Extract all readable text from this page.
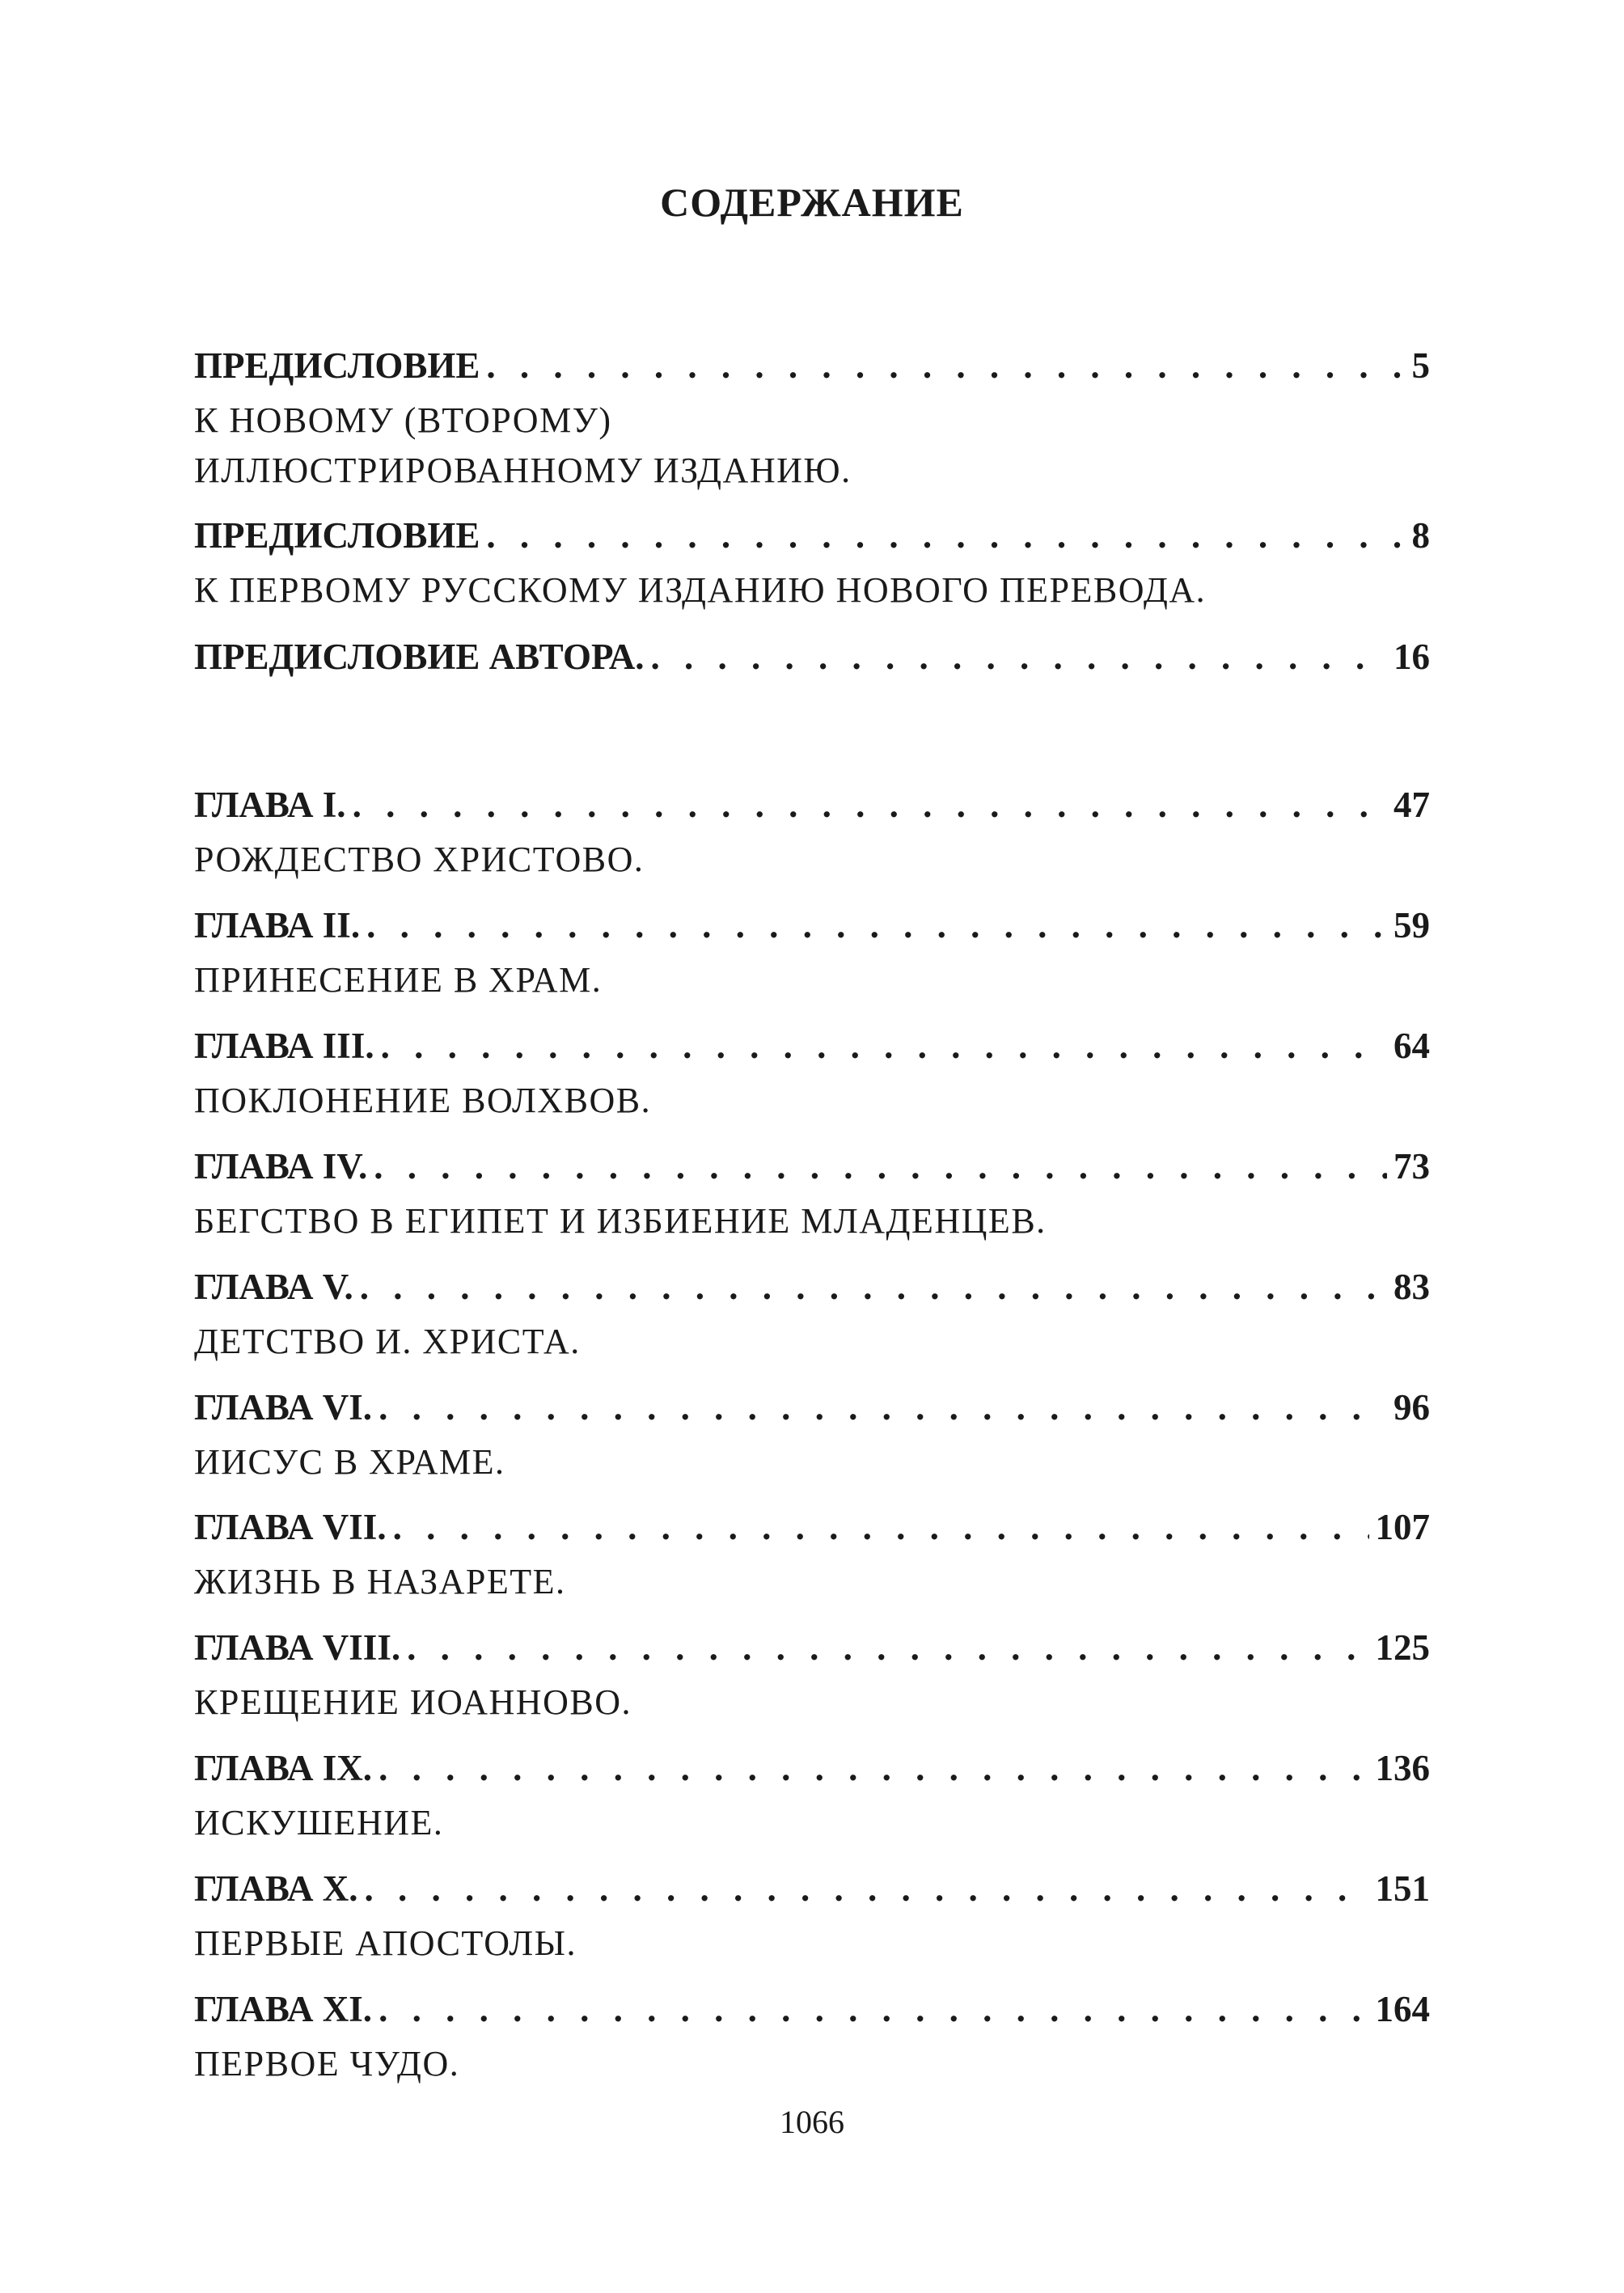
СОДЕРЖАНИЕ
ПРЕДИСЛОВИЕ . . .	5
К НОВОМУ (ВТОРОМУ)
ИЛЛЮСТРИРОВАННОМУ ИЗДАНИЮ.
ПРЕДИСЛОВИЕ . . .	8
К ПЕРВОМУ РУССКОМУ ИЗДАНИЮ НОВОГО ПЕРЕВОДА.
ПРЕДИСЛОВИЕ АВТОРА. . . .	16
ГЛАВА I. . . .	47
РОЖДЕСТВО ХРИСТОВО.
ГЛАВА II. . . .	59
ПРИНЕСЕНИЕ В ХРАМ.
ГЛАВА III. . . .	64
ПОКЛОНЕНИЕ ВОЛХВОВ.
ГЛАВА IV. . . .	73
БЕГСТВО В ЕГИПЕТ И ИЗБИЕНИЕ МЛАДЕНЦЕВ.
ГЛАВА V. . . .	83
ДЕТСТВО И. ХРИСТА.
ГЛАВА VI. . . .	96
ИИСУС В ХРАМЕ.
ГЛАВА VII. . . .	107
ЖИЗНЬ В НАЗАРЕТЕ.
ГЛАВА VIII. . . .	125
КРЕЩЕНИЕ ИОАННОВО.
ГЛАВА IX. . . .	136
ИСКУШЕНИЕ.
ГЛАВА X. . . .	151
ПЕРВЫЕ АПОСТОЛЫ.
ГЛАВА XI. . . .	164
ПЕРВОЕ ЧУДО.
1066
